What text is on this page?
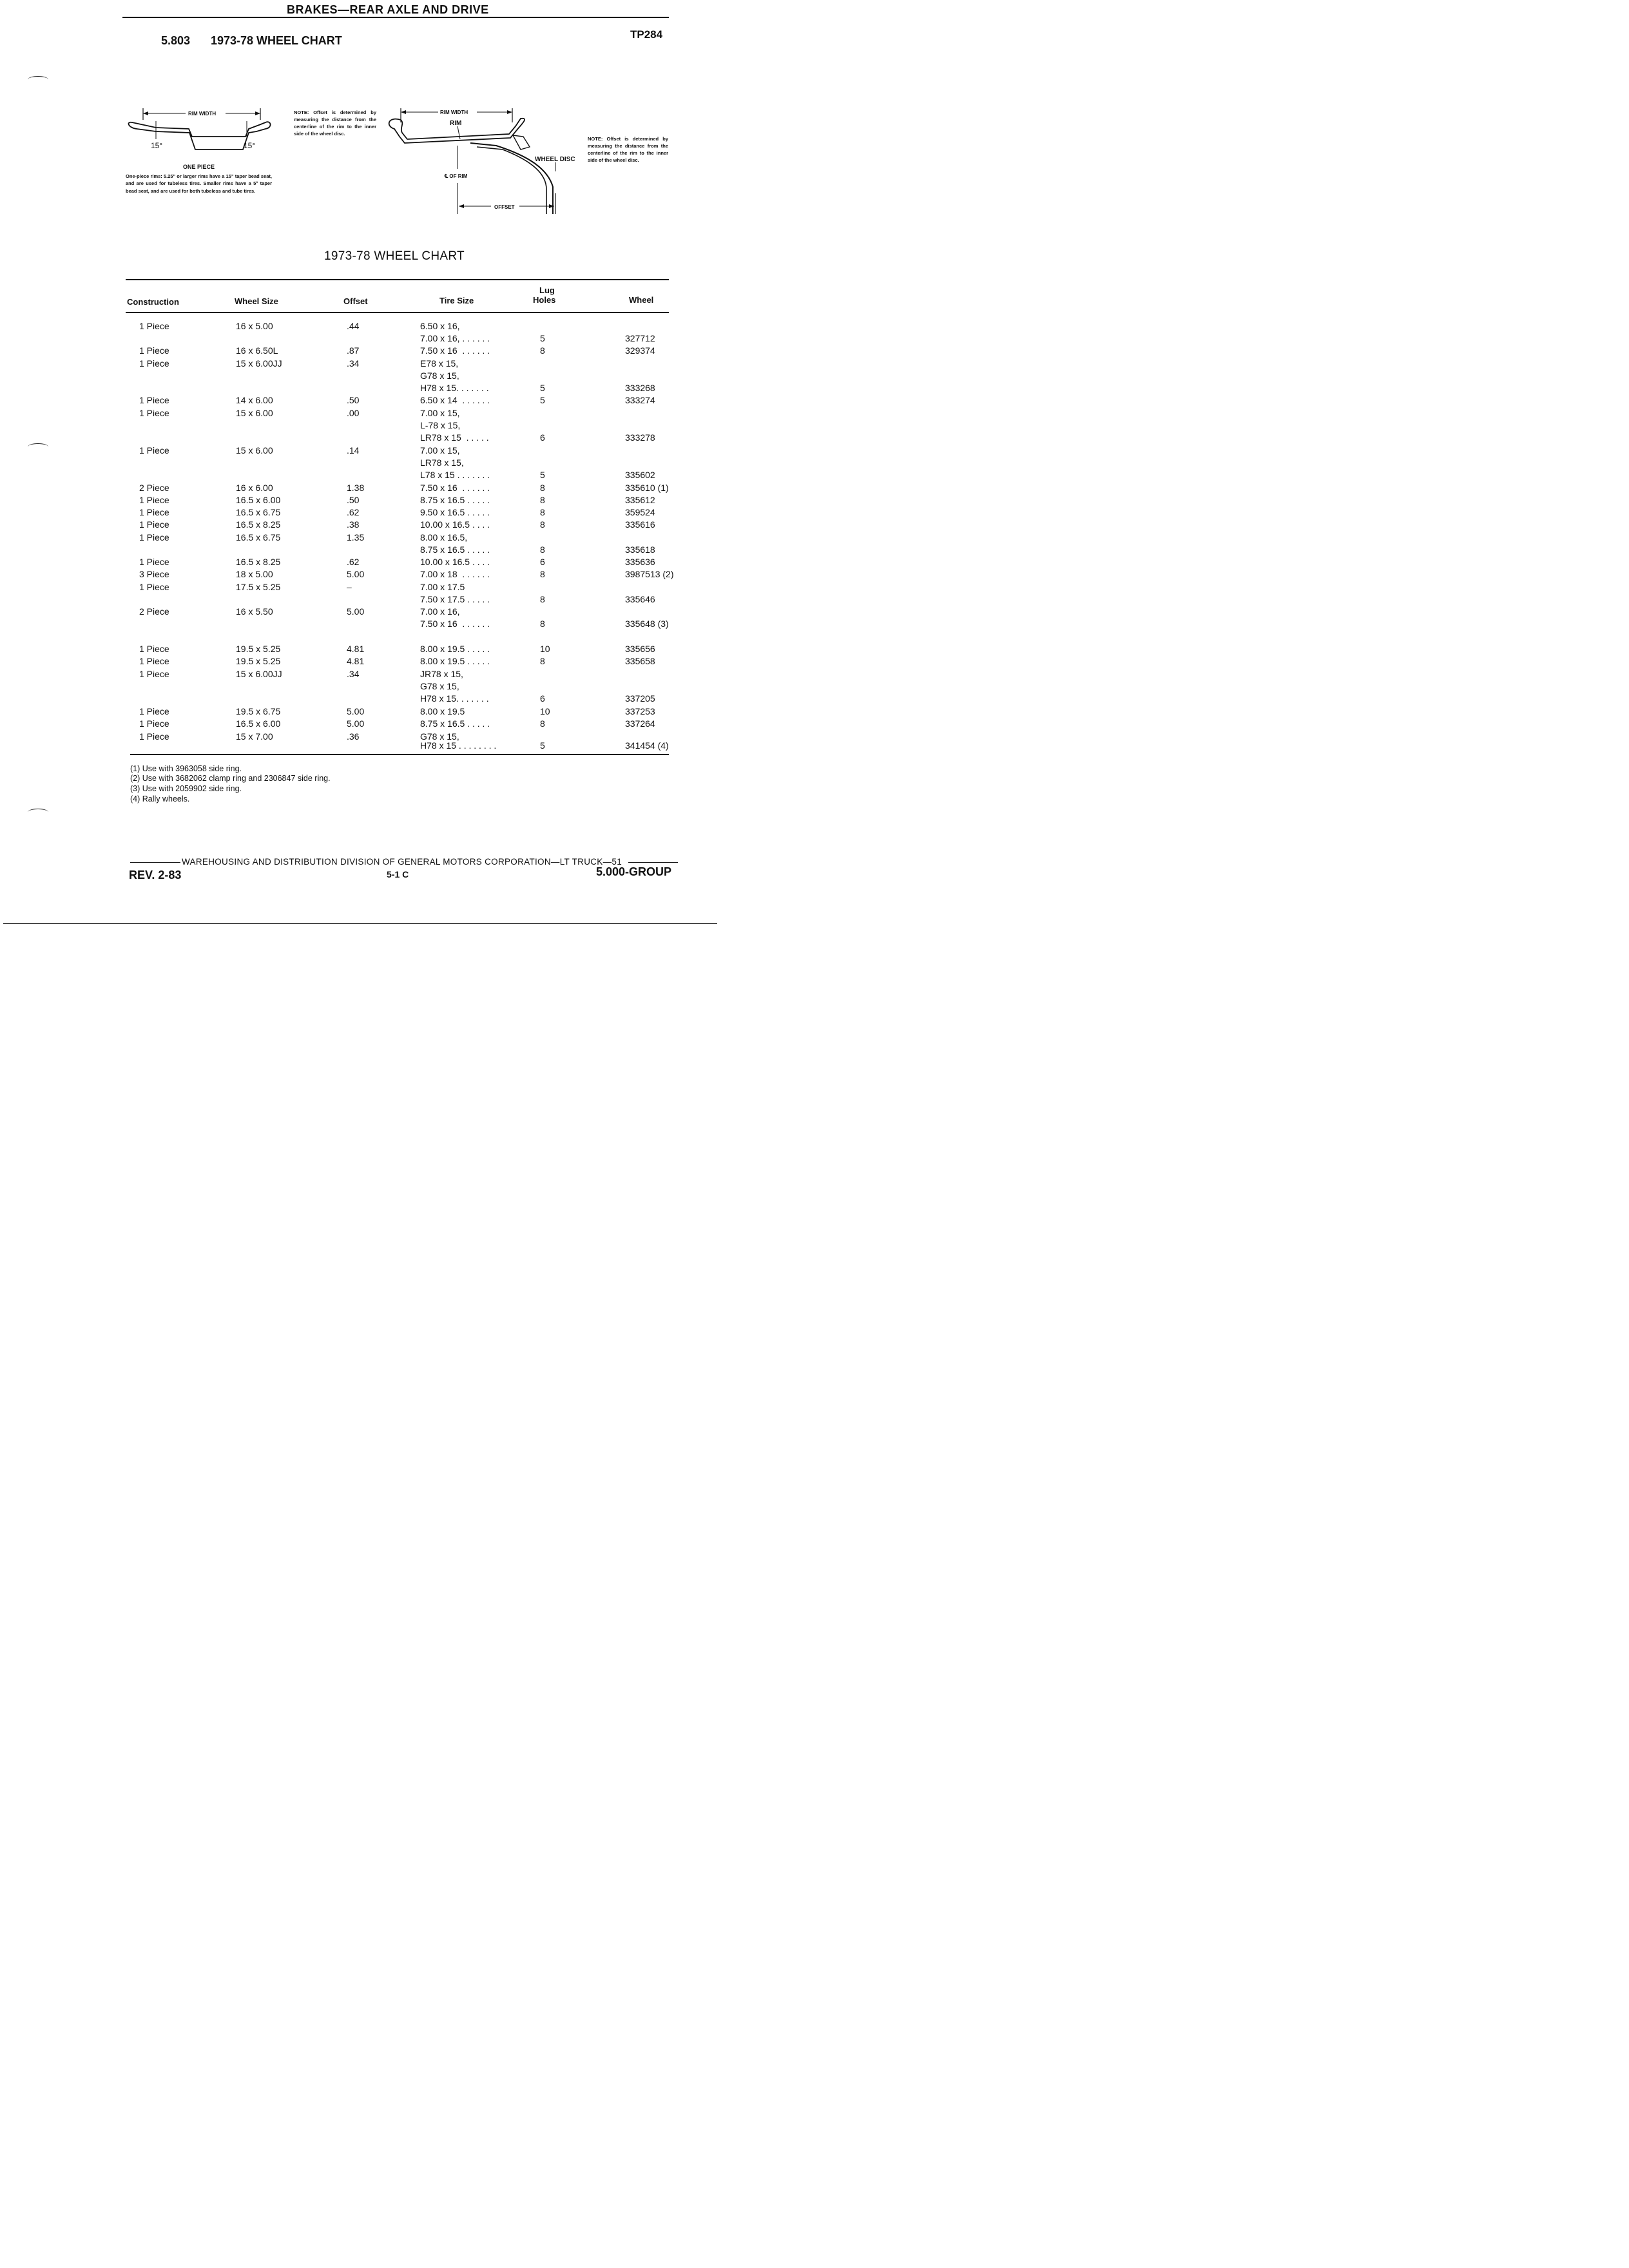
BRAKES—REAR AXLE AND DRIVE
5.803 1973-78 WHEEL CHART	TP284
RIM WIDTH
15°	15°
RIM WIDTH
RIM
WHEEL DISC
℄ OF RIM
OFFSET
NOTE: Offset is determined by measuring the distance from the centerline of the rim to the inner side of the wheel disc.
NOTE: Offset is determined by measuring the distance from the centerline of the rim to the inner side of the wheel disc.
ONE PIECE
One-piece rims: 5.25" or larger rims have a 15" taper bead seat, and are used for tubeless tires. Smaller rims have a 5° taper bead seat, and are used for both tubeless and tube tires.
1973-78 WHEEL CHART
Construction	Wheel Size	Offset	Tire Size
Lug
Holes	Wheel
1 Piece	16 x 5.00	.44	6.50 x 16,
7.00 x 16, . . . . . .	5	327712
1 Piece	16 x 6.50L	.87	7.50 x 16  . . . . . .	8	329374
1 Piece	15 x 6.00JJ	.34	E78 x 15,
G78 x 15,
H78 x 15. . . . . . .	5	333268
1 Piece	14 x 6.00	.50	6.50 x 14  . . . . . .	5	333274
1 Piece	15 x 6.00	.00	7.00 x 15,
L-78 x 15,
LR78 x 15  . . . . .	6	333278
1 Piece	15 x 6.00	.14	7.00 x 15,
LR78 x 15,
L78 x 15 . . . . . . .	5	335602
2 Piece	16 x 6.00	1.38	7.50 x 16  . . . . . .	8	335610 (1)
1 Piece	16.5 x 6.00	.50	8.75 x 16.5 . . . . .	8	335612
1 Piece	16.5 x 6.75	.62	9.50 x 16.5 . . . . .	8	359524
1 Piece	16.5 x 8.25	.38	10.00 x 16.5 . . . .	8	335616
1 Piece	16.5 x 6.75	1.35	8.00 x 16.5,
8.75 x 16.5 . . . . .	8	335618
1 Piece	16.5 x 8.25	.62	10.00 x 16.5 . . . .	6	335636
3 Piece	18 x 5.00	5.00	7.00 x 18  . . . . . .	8	3987513 (2)
1 Piece	17.5 x 5.25	–	7.00 x 17.5
7.50 x 17.5 . . . . .	8	335646
2 Piece	16 x 5.50	5.00	7.00 x 16,
7.50 x 16  . . . . . .	8	335648 (3)
1 Piece	19.5 x 5.25	4.81	8.00 x 19.5 . . . . .	10	335656
1 Piece	19.5 x 5.25	4.81	8.00 x 19.5 . . . . .	8	335658
1 Piece	15 x 6.00JJ	.34	JR78 x 15,
G78 x 15,
H78 x 15. . . . . . .	6	337205
1 Piece	19.5 x 6.75	5.00	8.00 x 19.5	10	337253
1 Piece	16.5 x 6.00	5.00	8.75 x 16.5 . . . . .	8	337264
1 Piece	15 x 7.00	.36	G78 x 15,
H78 x 15 . . . . . . . .	5	341454 (4)
(1) Use with 3963058 side ring.
(2) Use with 3682062 clamp ring and 2306847 side ring.
(3) Use with 2059902 side ring.
(4) Rally wheels.
WAREHOUSING AND DISTRIBUTION DIVISION OF GENERAL MOTORS CORPORATION—LT TRUCK—51
REV. 2-83	5-1 C	5.000-GROUP
